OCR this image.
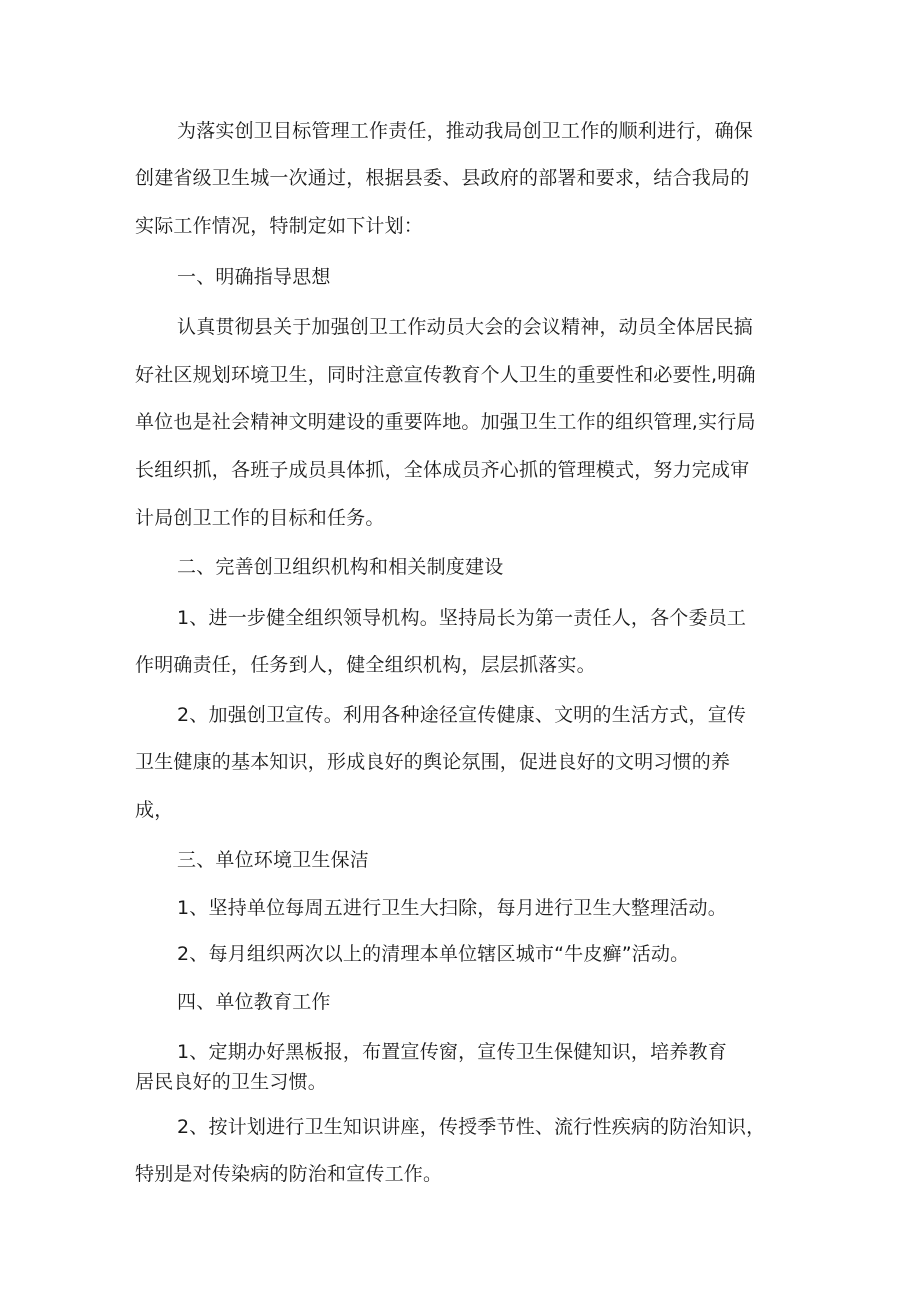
为落实创卫目标管理工作责任，推动我局创卫工作的顺利进行，确保
创建省级卫生城一次通过，根据县委、县政府的部署和要求，结合我局的
实际工作情况，特制定如下计划：
一、明确指导思想
认真贯彻县关于加强创卫工作动员大会的会议精神，动员全体居民搞
好社区规划环境卫生，同时注意宣传教育个人卫生的重要性和必要性,明确
单位也是社会精神文明建设的重要阵地。加强卫生工作的组织管理,实行局
长组织抓，各班子成员具体抓，全体成员齐心抓的管理模式，努力完成审
计局创卫工作的目标和任务。
二、完善创卫组织机构和相关制度建设
1、进一步健全组织领导机构。坚持局长为第一责任人，各个委员工
作明确责任，任务到人，健全组织机构，层层抓落实。
2、加强创卫宣传。利用各种途径宣传健康、文明的生活方式，宣传
卫生健康的基本知识，形成良好的舆论氛围，促进良好的文明习惯的养
成，
三、单位环境卫生保洁
1、坚持单位每周五进行卫生大扫除，每月进行卫生大整理活动。
2、每月组织两次以上的清理本单位辖区城市“牛皮癣”活动。
四、单位教育工作
1、定期办好黑板报，布置宣传窗，宣传卫生保健知识，培养教育
居民良好的卫生习惯。
2、按计划进行卫生知识讲座，传授季节性、流行性疾病的防治知识，
特别是对传染病的防治和宣传工作。
